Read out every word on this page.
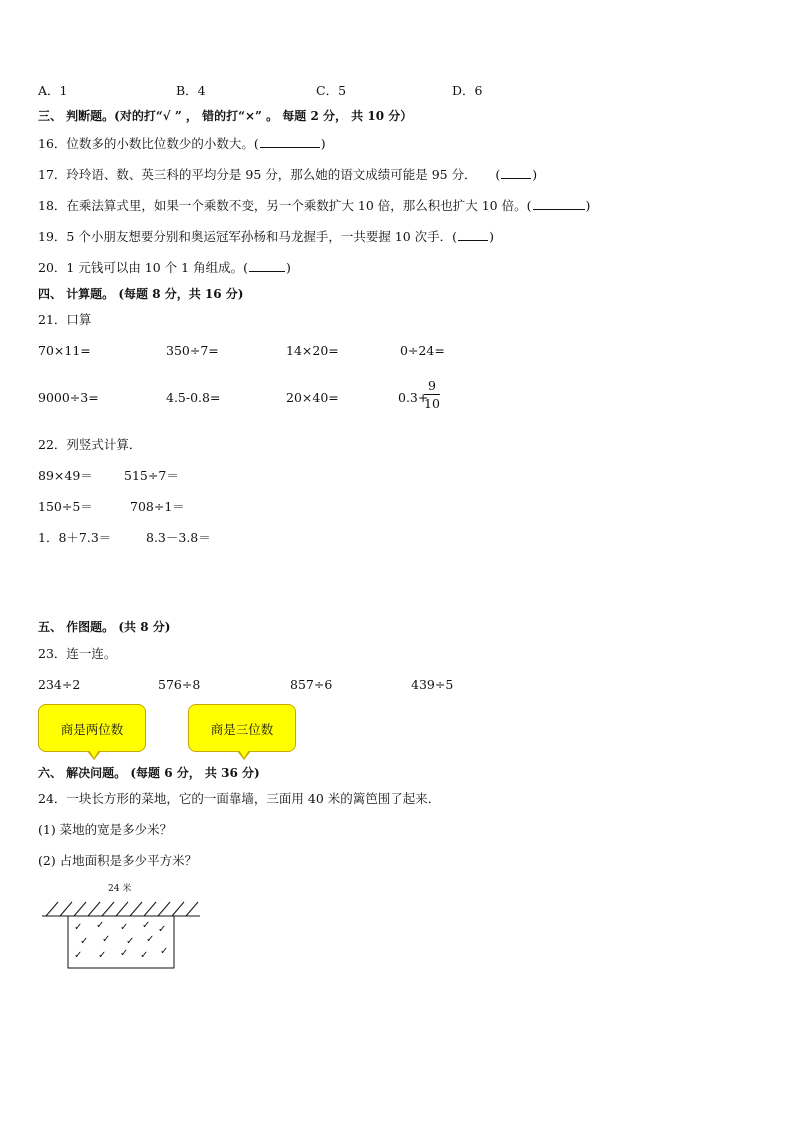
A．1	B．4	C．5	D．6
三、 判断题。(对的打“√ ” ， 错的打“×” 。 每题 2 分， 共 10 分）
16．位数多的小数比位数少的小数大。(	)
17．玲玲语、数、英三科的平均分是 95 分，那么她的语文成绩可能是 95 分．　　(	)
18．在乘法算式里，如果一个乘数不变，另一个乘数扩大 10 倍，那么积也扩大 10 倍。(	)
19．5 个小朋友想要分别和奥运冠军孙杨和马龙握手，一共要握 10 次手．(	)
20．1 元钱可以由 10 个 1 角组成。(	)
四、 计算题。 (每题 8 分，共 16 分)
21．口算
70×11=	350÷7=	14×20=	0÷24=
9000÷3=	4.5-0.8=	20×40=	0.3+
9
10
22．列竖式计算．
89×49＝ 515÷7＝
150÷5＝	708÷1＝
1．8＋7.3＝	8.3－3.8＝
五、 作图题。 (共 8 分)
23．连一连。
234÷2	576÷8	857÷6	439÷5
商是两位数	商是三位数
六、 解决问题。 (每题 6 分， 共 36 分)
24．一块长方形的菜地，它的一面靠墙，三面用 40 米的篱笆围了起来．
(1) 菜地的宽是多少米？
(2) 占地面积是多少平方米？
24 米
✓ ✓ ✓ ✓ ✓
✓ ✓ ✓ ✓
✓ ✓ ✓ ✓ ✓
